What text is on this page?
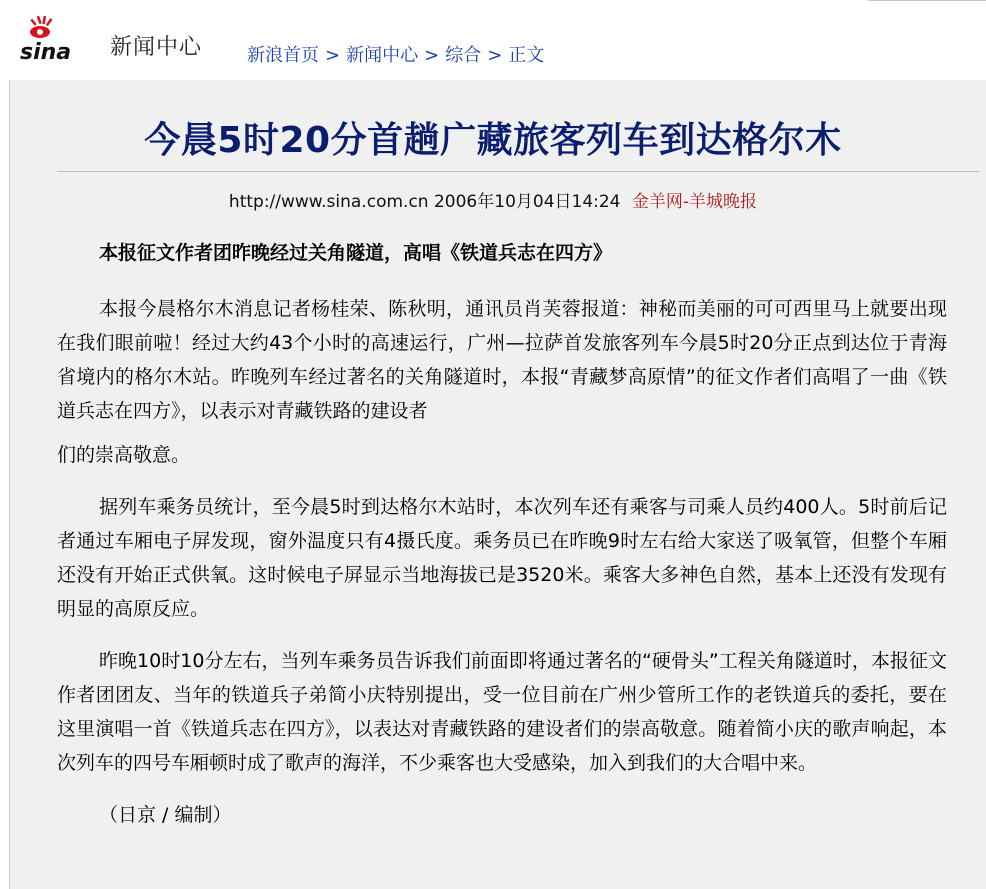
sina 新闻中心 新浪首页 > 新闻中心 > 综合 > 正文
今晨5时20分首趟广藏旅客列车到达格尔木
http://www.sina.com.cn 2006年10月04日14:24 金羊网-羊城晚报

本报征文作者团昨晚经过关角隧道，高唱《铁道兵志在四方》

本报今晨格尔木消息记者杨桂荣、陈秋明，通讯员肖芙蓉报道：神秘而美丽的可可西里马上就要出现在我们眼前啦！经过大约43个小时的高速运行，广州—拉萨首发旅客列车今晨5时20分正点到达位于青海省境内的格尔木站。昨晚列车经过著名的关角隧道时，本报“青藏梦高原情”的征文作者们高唱了一曲《铁道兵志在四方》，以表示对青藏铁路的建设者

们的崇高敬意。

据列车乘务员统计，至今晨5时到达格尔木站时，本次列车还有乘客与司乘人员约400人。5时前后记者通过车厢电子屏发现，窗外温度只有4摄氏度。乘务员已在昨晚9时左右给大家送了吸氧管，但整个车厢还没有开始正式供氧。这时候电子屏显示当地海拔已是3520米。乘客大多神色自然，基本上还没有发现有明显的高原反应。

昨晚10时10分左右，当列车乘务员告诉我们前面即将通过著名的“硬骨头”工程关角隧道时，本报征文作者团团友、当年的铁道兵子弟简小庆特别提出，受一位目前在广州少管所工作的老铁道兵的委托，要在这里演唱一首《铁道兵志在四方》，以表达对青藏铁路的建设者们的崇高敬意。随着简小庆的歌声响起，本次列车的四号车厢顿时成了歌声的海洋，不少乘客也大受感染，加入到我们的大合唱中来。

（日京 / 编制）
